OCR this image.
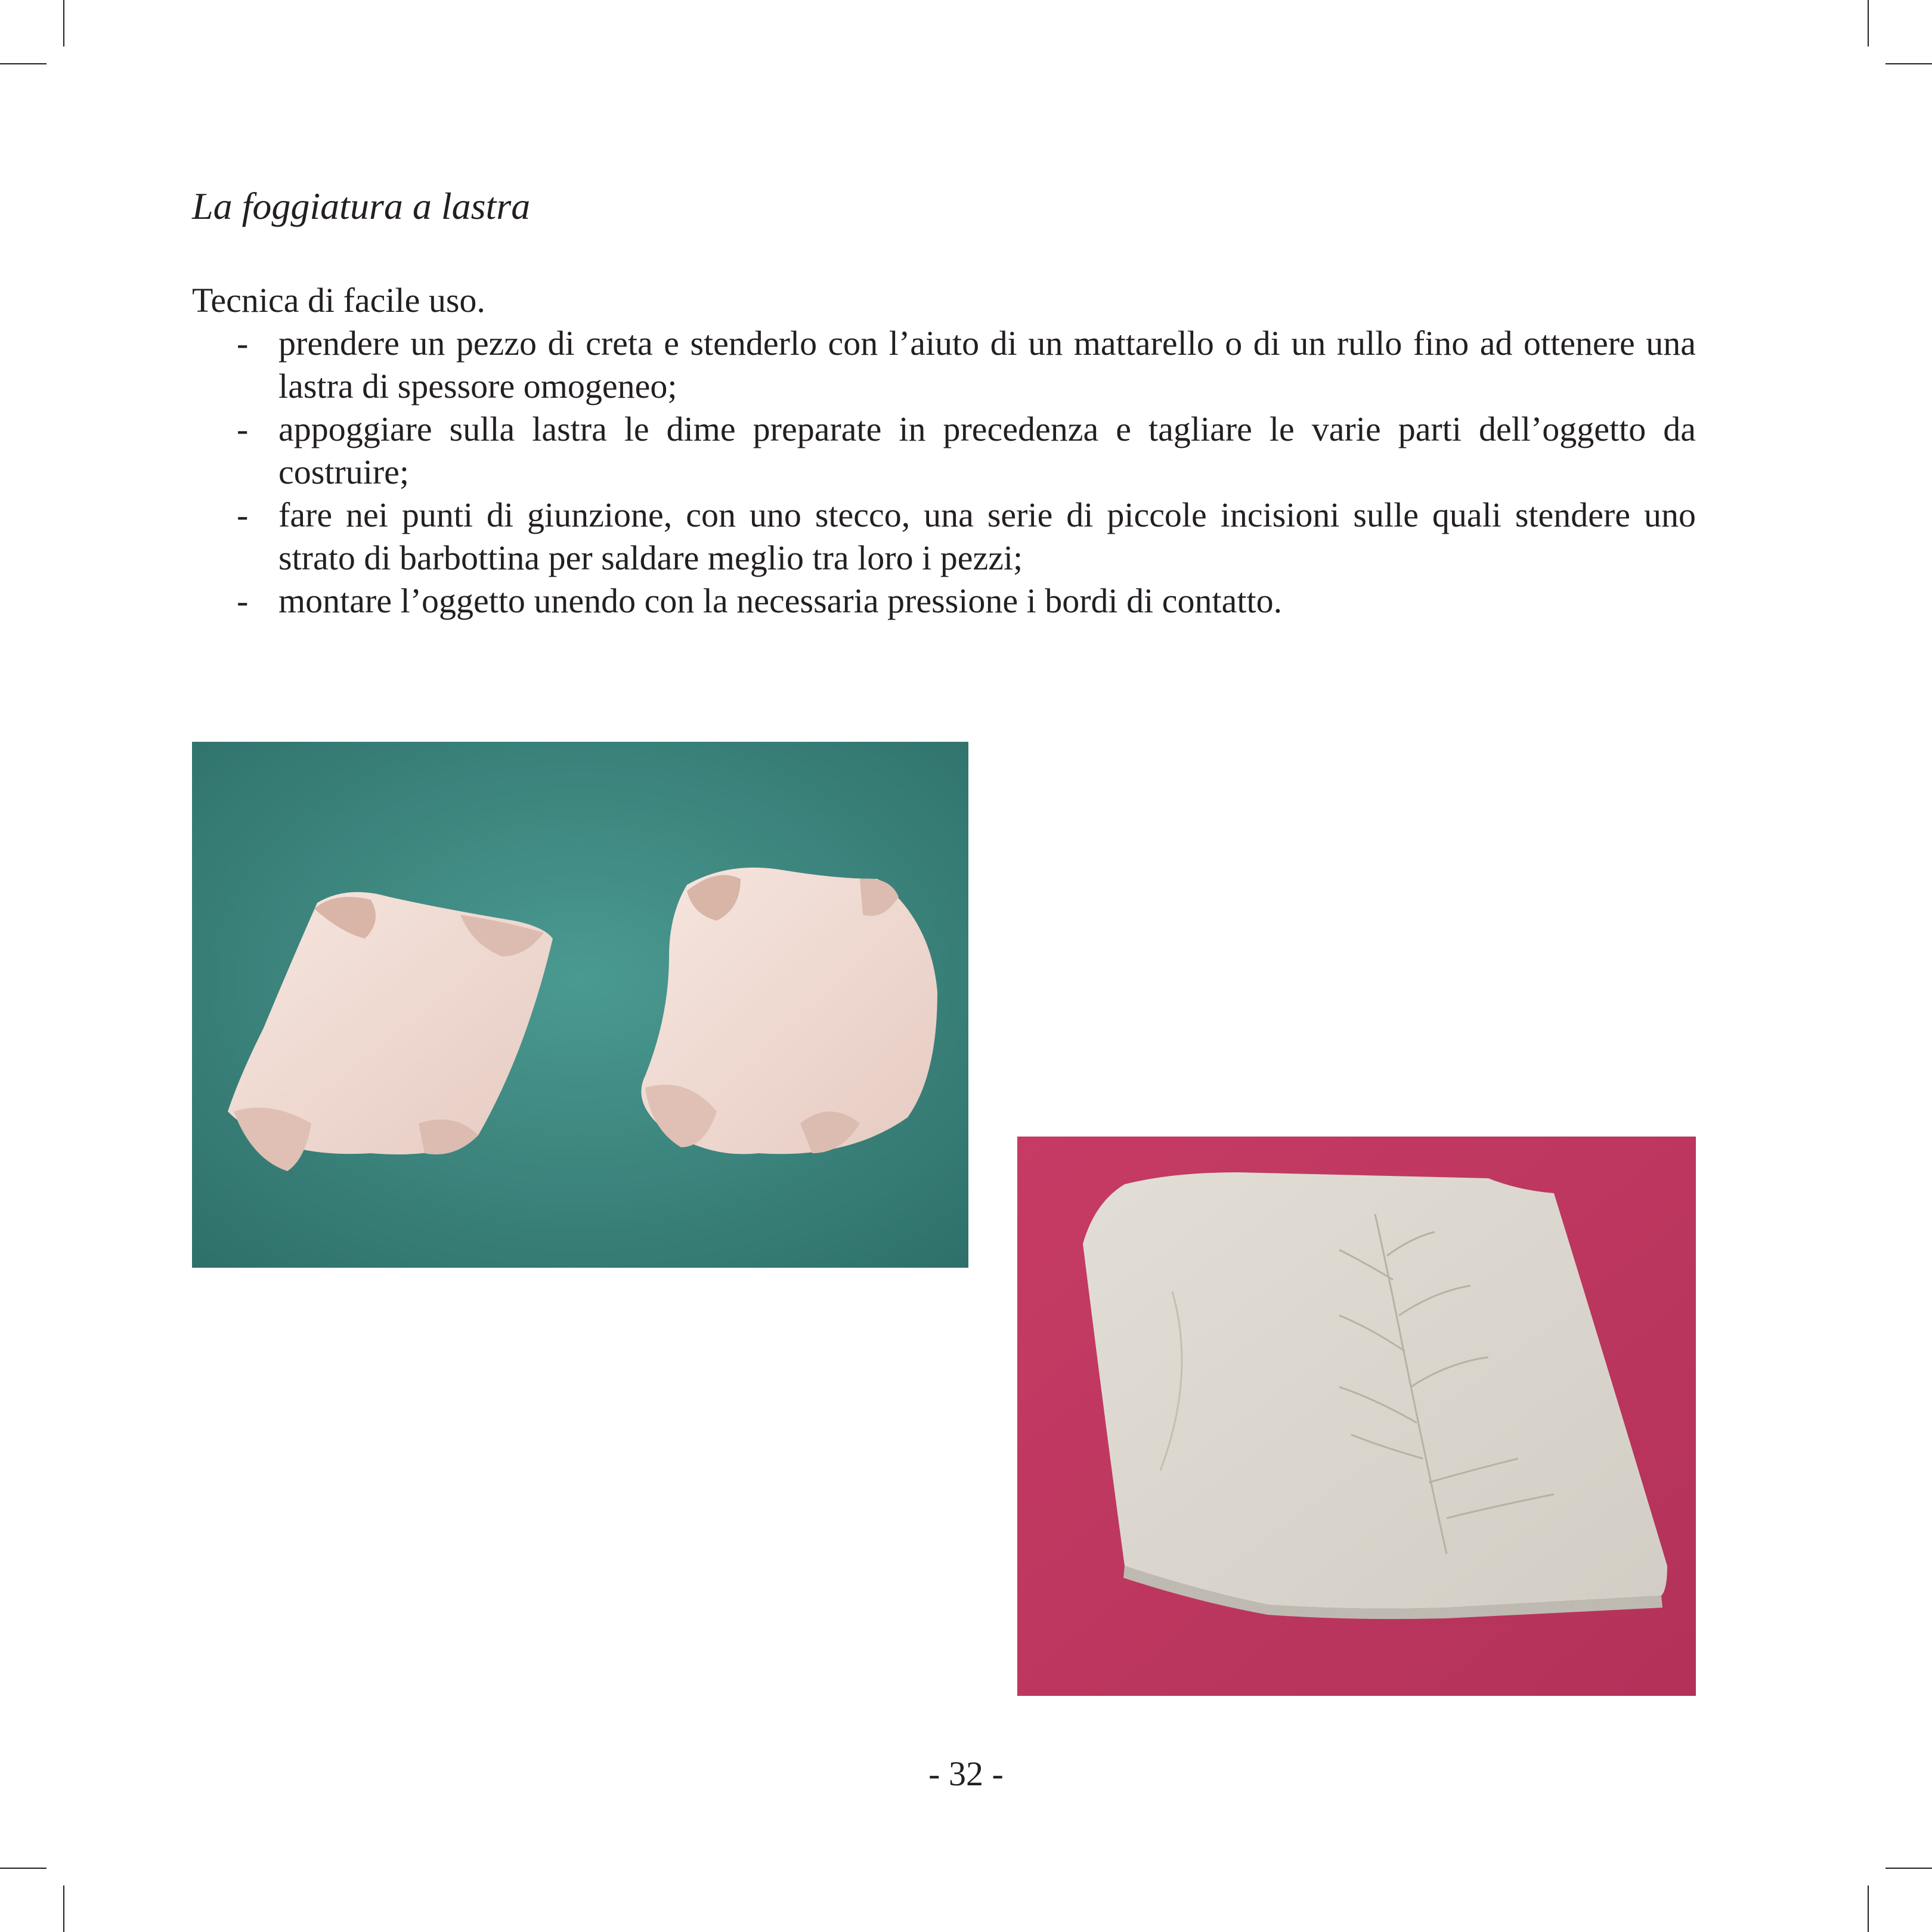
La foggiatura a lastra
Tecnica di facile uso.
- prendere un pezzo di creta e stenderlo con l’aiuto di un mattarello o di un rullo fino ad ottenere una lastra di spessore omogeneo;
- appoggiare sulla lastra le dime preparate in precedenza e tagliare le varie parti dell’oggetto da costruire;
- fare nei punti di giunzione, con uno stecco, una serie di piccole incisioni sulle quali stendere uno strato di barbottina per saldare meglio tra loro i pezzi;
- montare l’oggetto unendo con la necessaria pressione i bordi di contatto.
- 32 -
